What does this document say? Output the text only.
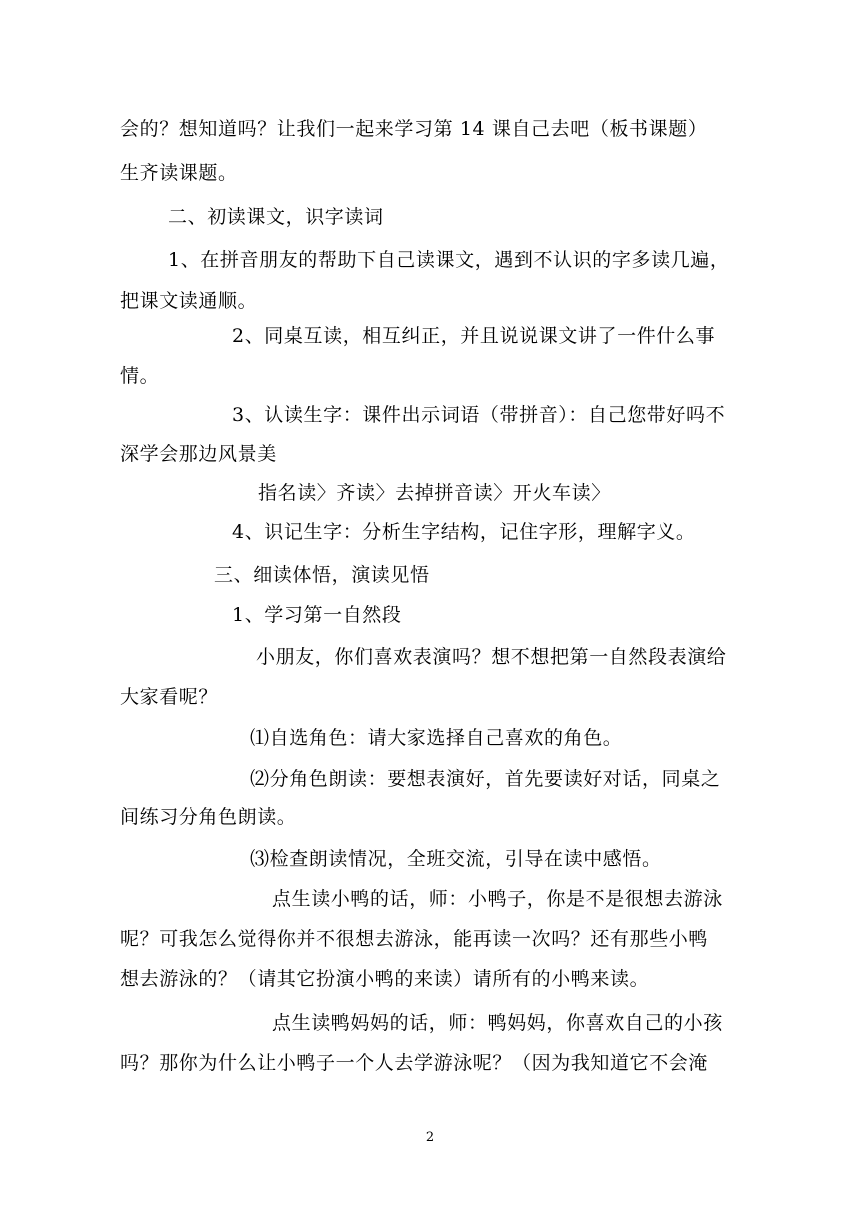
会的？想知道吗？让我们一起来学习第 14 课自己去吧（板书课题）
生齐读课题。
二、初读课文，识字读词
1、在拼音朋友的帮助下自己读课文，遇到不认识的字多读几遍，
把课文读通顺。
2、同桌互读，相互纠正，并且说说课文讲了一件什么事
情。
3、认读生字：课件出示词语（带拼音）：自己您带好吗不
深学会那边风景美
指名读〉齐读〉去掉拼音读〉开火车读〉
4、识记生字：分析生字结构，记住字形，理解字义。
三、细读体悟，演读见悟
1、学习第一自然段
小朋友，你们喜欢表演吗？想不想把第一自然段表演给
大家看呢？
⑴自选角色：请大家选择自己喜欢的角色。
⑵分角色朗读：要想表演好，首先要读好对话，同桌之
间练习分角色朗读。
⑶检查朗读情况，全班交流，引导在读中感悟。
点生读小鸭的话，师：小鸭子，你是不是很想去游泳
呢？可我怎么觉得你并不很想去游泳，能再读一次吗？还有那些小鸭
想去游泳的？（请其它扮演小鸭的来读）请所有的小鸭来读。
点生读鸭妈妈的话，师：鸭妈妈，你喜欢自己的小孩
吗？那你为什么让小鸭子一个人去学游泳呢？（因为我知道它不会淹
2
